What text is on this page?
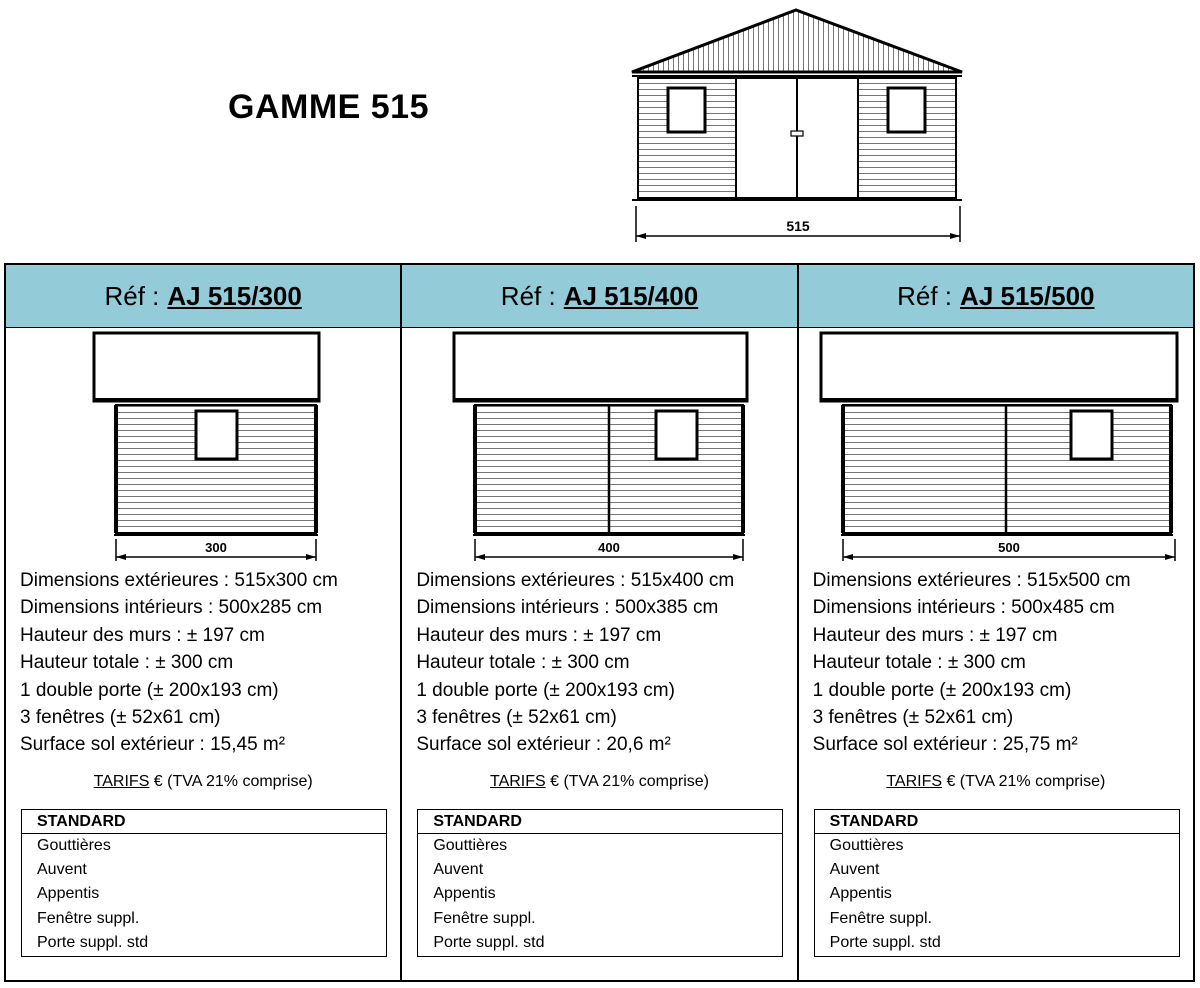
GAMME 515
515
Réf : AJ 515/300
300
Dimensions extérieures : 515x300 cm
Dimensions intérieurs : 500x285 cm
Hauteur des murs : ± 197 cm
Hauteur totale : ± 300 cm
1 double porte (± 200x193 cm)
3 fenêtres (± 52x61 cm)
Surface sol extérieur : 15,45 m²
TARIFS € (TVA 21% comprise)
STANDARD
Gouttières
Auvent
Appentis
Fenêtre suppl.
Porte suppl. std
Réf : AJ 515/400
400
Dimensions extérieures : 515x400 cm
Dimensions intérieurs : 500x385 cm
Hauteur des murs : ± 197 cm
Hauteur totale : ± 300 cm
1 double porte (± 200x193 cm)
3 fenêtres (± 52x61 cm)
Surface sol extérieur : 20,6 m²
TARIFS € (TVA 21% comprise)
STANDARD
Gouttières
Auvent
Appentis
Fenêtre suppl.
Porte suppl. std
Réf : AJ 515/500
500
Dimensions extérieures : 515x500 cm
Dimensions intérieurs : 500x485 cm
Hauteur des murs : ± 197 cm
Hauteur totale : ± 300 cm
1 double porte (± 200x193 cm)
3 fenêtres (± 52x61 cm)
Surface sol extérieur : 25,75 m²
TARIFS € (TVA 21% comprise)
STANDARD
Gouttières
Auvent
Appentis
Fenêtre suppl.
Porte suppl. std
